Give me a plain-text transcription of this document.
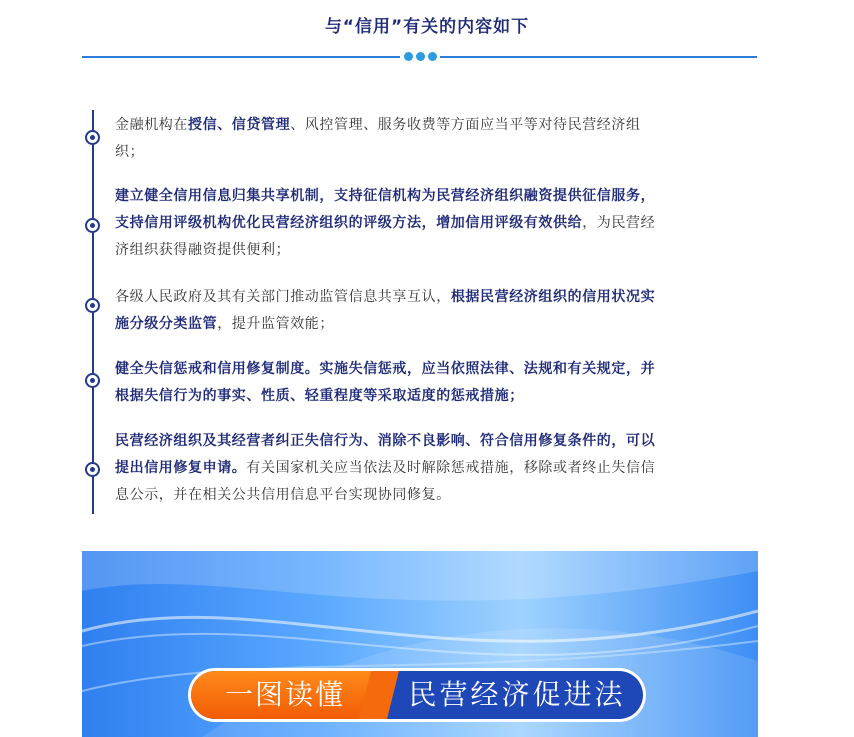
与“信用”有关的内容如下
金融机构在授信、信贷管理、风控管理、服务收费等方面应当平等对待民营经济组
织；
建立健全信用信息归集共享机制，支持征信机构为民营经济组织融资提供征信服务，
支持信用评级机构优化民营经济组织的评级方法，增加信用评级有效供给，为民营经
济组织获得融资提供便利；
各级人民政府及其有关部门推动监管信息共享互认，根据民营经济组织的信用状况实
施分级分类监管，提升监管效能；
健全失信惩戒和信用修复制度。实施失信惩戒，应当依照法律、法规和有关规定，并
根据失信行为的事实、性质、轻重程度等采取适度的惩戒措施；
民营经济组织及其经营者纠正失信行为、消除不良影响、符合信用修复条件的，可以
提出信用修复申请。有关国家机关应当依法及时解除惩戒措施，移除或者终止失信信
息公示，并在相关公共信用信息平台实现协同修复。
一图读懂	民营经济促进法
